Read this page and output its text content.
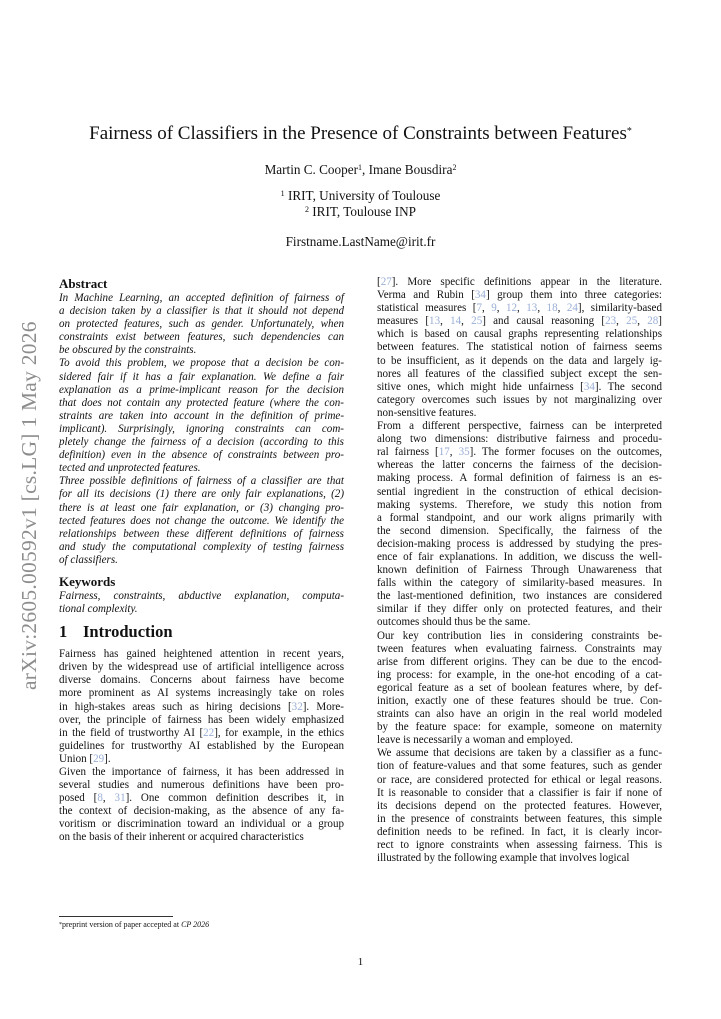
arXiv:2605.00592v1 [cs.LG] 1 May 2026
Fairness of Classifiers in the Presence of Constraints between Features*
Martin C. Cooper$^1$, Imane Bousdira$^2$
$^1$ IRIT, University of Toulouse
$^2$ IRIT, Toulouse INP
Firstname.LastName@irit.fr
Abstract
In Machine Learning, an accepted definition of fairness of
a decision taken by a classifier is that it should not depend
on protected features, such as gender. Unfortunately, when
constraints exist between features, such dependencies can
be obscured by the constraints.
To avoid this problem, we propose that a decision be con-
sidered fair if it has a fair explanation. We define a fair
explanation as a prime-implicant reason for the decision
that does not contain any protected feature (where the con-
straints are taken into account in the definition of prime-
implicant). Surprisingly, ignoring constraints can com-
pletely change the fairness of a decision (according to this
definition) even in the absence of constraints between pro-
tected and unprotected features.
Three possible definitions of fairness of a classifier are that
for all its decisions (1) there are only fair explanations, (2)
there is at least one fair explanation, or (3) changing pro-
tected features does not change the outcome. We identify the
relationships between these different definitions of fairness
and study the computational complexity of testing fairness
of classifiers.
Keywords
Fairness, constraints, abductive explanation, computa-
tional complexity.
1 Introduction
Fairness has gained heightened attention in recent years,
driven by the widespread use of artificial intelligence across
diverse domains. Concerns about fairness have become
more prominent as AI systems increasingly take on roles
in high-stakes areas such as hiring decisions [32]. More-
over, the principle of fairness has been widely emphasized
in the field of trustworthy AI [22], for example, in the ethics
guidelines for trustworthy AI established by the European
Union [29].
Given the importance of fairness, it has been addressed in
several studies and numerous definitions have been pro-
posed [8, 31]. One common definition describes it, in
the context of decision-making, as the absence of any fa-
voritism or discrimination toward an individual or a group
on the basis of their inherent or acquired characteristics
[27]. More specific definitions appear in the literature.
Verma and Rubin [34] group them into three categories:
statistical measures [7, 9, 12, 13, 18, 24], similarity-based
measures [13, 14, 25] and causal reasoning [23, 25, 28]
which is based on causal graphs representing relationships
between features. The statistical notion of fairness seems
to be insufficient, as it depends on the data and largely ig-
nores all features of the classified subject except the sen-
sitive ones, which might hide unfairness [34]. The second
category overcomes such issues by not marginalizing over
non-sensitive features.
From a different perspective, fairness can be interpreted
along two dimensions: distributive fairness and procedu-
ral fairness [17, 35]. The former focuses on the outcomes,
whereas the latter concerns the fairness of the decision-
making process. A formal definition of fairness is an es-
sential ingredient in the construction of ethical decision-
making systems. Therefore, we study this notion from
a formal standpoint, and our work aligns primarily with
the second dimension. Specifically, the fairness of the
decision-making process is addressed by studying the pres-
ence of fair explanations. In addition, we discuss the well-
known definition of Fairness Through Unawareness that
falls within the category of similarity-based measures. In
the last-mentioned definition, two instances are considered
similar if they differ only on protected features, and their
outcomes should thus be the same.
Our key contribution lies in considering constraints be-
tween features when evaluating fairness. Constraints may
arise from different origins. They can be due to the encod-
ing process: for example, in the one-hot encoding of a cat-
egorical feature as a set of boolean features where, by def-
inition, exactly one of these features should be true. Con-
straints can also have an origin in the real world modeled
by the feature space: for example, someone on maternity
leave is necessarily a woman and employed.
We assume that decisions are taken by a classifier as a func-
tion of feature-values and that some features, such as gender
or race, are considered protected for ethical or legal reasons.
It is reasonable to consider that a classifier is fair if none of
its decisions depend on the protected features. However,
in the presence of constraints between features, this simple
definition needs to be refined. In fact, it is clearly incor-
rect to ignore constraints when assessing fairness. This is
illustrated by the following example that involves logical
*preprint version of paper accepted at CP 2026
1
